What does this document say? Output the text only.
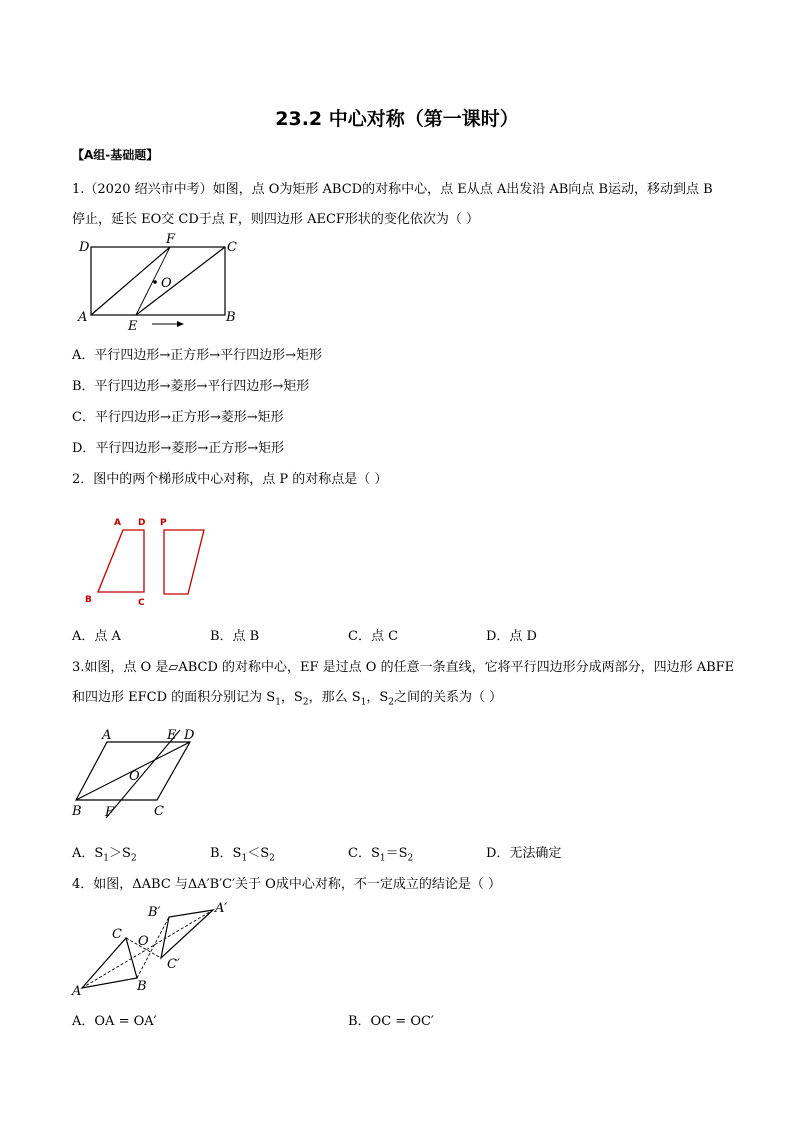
23.2 中心对称（第一课时）
【A组-基础题】
1.（2020 绍兴市中考）如图，点 O为矩形 ABCD的对称中心，点 E从点 A出发沿 AB向点 B运动，移动到点 B
停止，延长 EO交 CD于点 F，则四边形 AECF形状的变化依次为（ ）
D
F
C
O
A
E
B
A．平行四边形→正方形→平行四边形→矩形
B．平行四边形→菱形→平行四边形→矩形
C．平行四边形→正方形→菱形→矩形
D．平行四边形→菱形→正方形→矩形
2．图中的两个梯形成中心对称，点 P 的对称点是（ ）
A D P
B	C
A．点 A	B．点 B	C．点 C	D．点 D
3.如图，点 O 是▱ABCD 的对称中心，EF 是过点 O 的任意一条直线，它将平行四边形分成两部分，四边形 ABFE
和四边形 EFCD 的面积分别记为 $S_1$，$S_2$，那么 $S_1$，$S_2$之间的关系为（ ）
A	E D
O
B F	C
A．$S_1>S_2$	B．$S_1<S_2$	C．$S_1=S_2$	D．无法确定
4．如图，ΔABC 与ΔA′B′C′关于 O成中心对称，不一定成立的结论是（ ）
A′
B′
C O
C′
B
A
A．OA = OA′	B．OC = OC′
